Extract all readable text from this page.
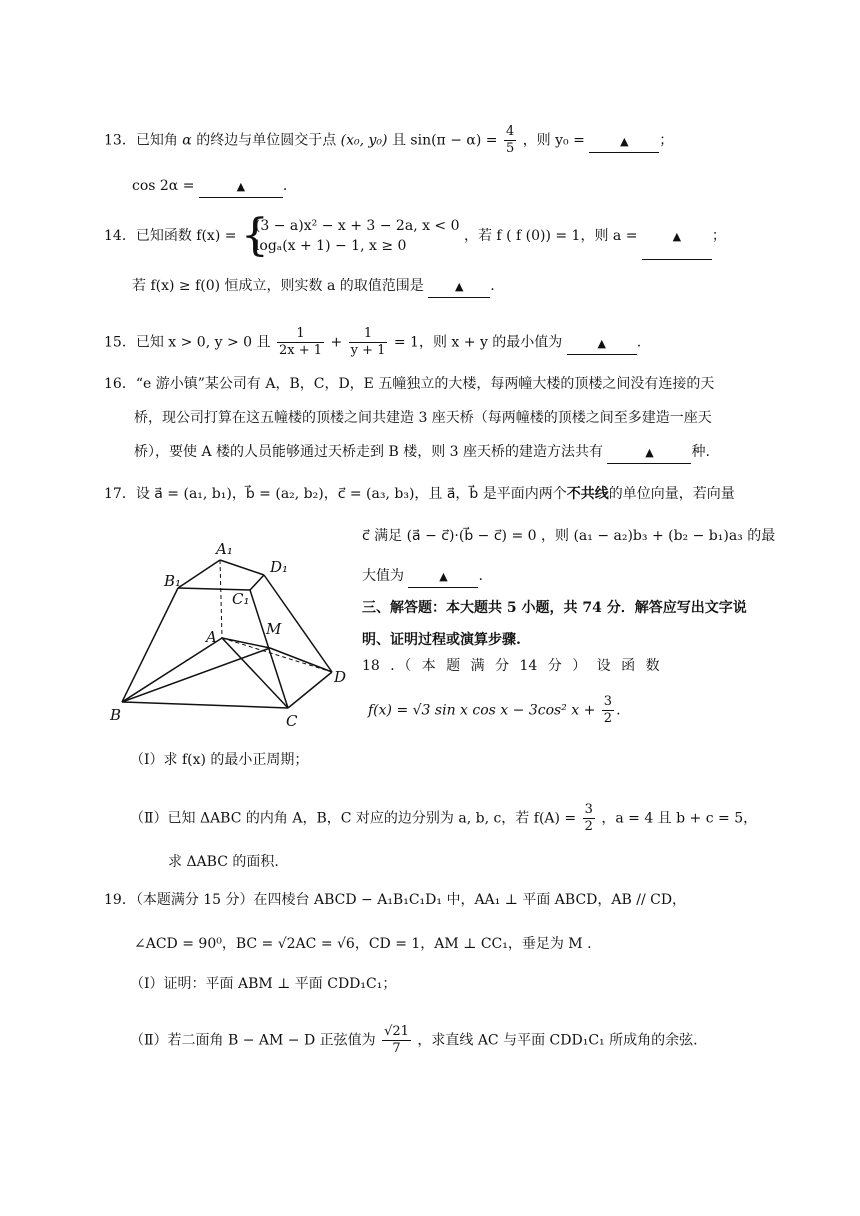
13．已知角 α 的终边与单位圆交于点 (x₀, y₀) 且 $\sin(\pi - \alpha) = \frac{4}{5}$ ，则 y₀ =	▲ ；
cos 2α =	▲	.
14．已知函数 f(x) = {
(3 − a)x² − x + 3 − 2a, x < 0
logₐ(x + 1) − 1, x ≥ 0
，若 f ( f (0)) = 1，则 a =	▲ ；
若 f(x) ≥ f(0) 恒成立，则实数 a 的取值范围是	▲ .
15．已知 x > 0, y > 0 且 $\frac{1}{2x + 1} + \frac{1}{y + 1} = 1$，则 x + y 的最小值为	▲ .
16．“e 游小镇”某公司有 A，B，C，D，E 五幢独立的大楼，每两幢大楼的顶楼之间没有连接的天
桥，现公司打算在这五幢楼的顶楼之间共建造 3 座天桥（每两幢楼的顶楼之间至多建造一座天
桥），要使 A 楼的人员能够通过天桥走到 B 楼，则 3 座天桥的建造方法共有	▲	种.
17．设 a⃗ = (a₁, b₁)，b⃗ = (a₂, b₂)，c⃗ = (a₃, b₃)，且 a⃗，b⃗ 是平面内两个不共线的单位向量，若向量
c⃗ 满足 (a⃗ − c⃗)·(b⃗ − c⃗) = 0 ，则 (a₁ − a₂)b₃ + (b₂ − b₁)a₃ 的最
大值为	▲ .
三、解答题：本大题共 5 小题，共 74 分．解答应写出文字说
明、证明过程或演算步骤.
18 ．（ 本 题 满 分 14 分 ） 设 函 数
f(x) = √3 sin x cos x − 3cos² $x + \frac{3}{2}$ .
（Ⅰ）求 f(x) 的最小正周期；
（Ⅱ）已知 ΔABC 的内角 A，B，C 对应的边分别为 a, b, c，若 $f(A) = \frac{3}{2}$ ，a = 4 且 b + c = 5，
求 ΔABC 的面积.
19．（本题满分 15 分）在四棱台 ABCD − A₁B₁C₁D₁ 中，AA₁ ⊥ 平面 ABCD，AB // CD，
∠ACD = 90⁰，BC = √2AC = √6，CD = 1，AM ⊥ CC₁，垂足为 M .
（Ⅰ）证明：平面 ABM ⊥ 平面 CDD₁C₁；
（Ⅱ）若二面角 B − AM − D 正弦值为 $\frac{√21}{7}$ ，求直线 AC 与平面 CDD₁C₁ 所成角的余弦.
A₁
B₁
C₁
D₁
A
B	C
D
M
